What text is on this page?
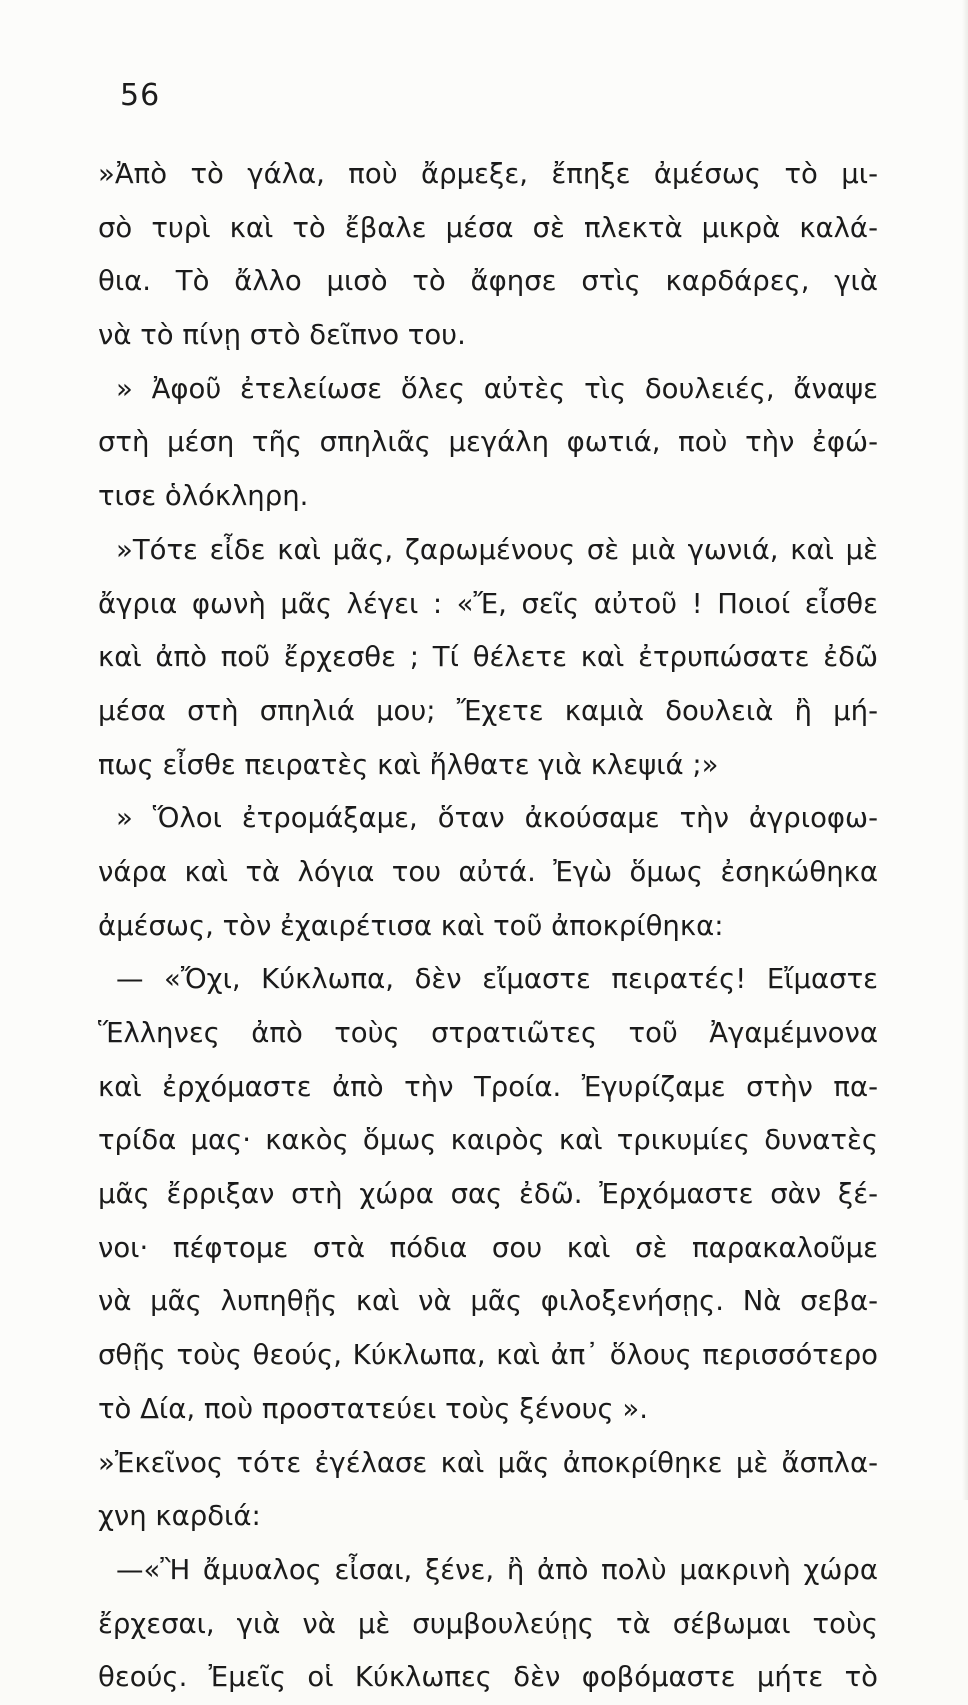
56
»Ἀπὸ τὸ γάλα, ποὺ ἄρμεξε, ἔπηξε ἀμέσως τὸ μι-
σὸ τυρὶ καὶ τὸ ἔβαλε μέσα σὲ πλεκτὰ μικρὰ καλά-
θια. Τὸ ἄλλο μισὸ τὸ ἄφησε στὶς καρδάρες, γιὰ
νὰ τὸ πίνῃ στὸ δεῖπνο του.
» Ἀφοῦ ἐτελείωσε ὅλες αὐτὲς τὶς δουλειές, ἄναψε
στὴ μέση τῆς σπηλιᾶς μεγάλη φωτιά, ποὺ τὴν ἐφώ-
τισε ὁλόκληρη.
»Τότε εἶδε καὶ μᾶς, ζαρωμένους σὲ μιὰ γωνιά, καὶ μὲ
ἄγρια φωνὴ μᾶς λέγει : «Ἔ, σεῖς αὐτοῦ ! Ποιοί εἶσθε
καὶ ἀπὸ ποῦ ἔρχεσθε ; Τί θέλετε καὶ ἐτρυπώσατε ἐδῶ
μέσα στὴ σπηλιά μου; Ἔχετε καμιὰ δουλειὰ ἢ μή-
πως εἶσθε πειρατὲς καὶ ἤλθατε γιὰ κλεψιά ;»
» Ὅλοι ἐτρομάξαμε, ὅταν ἀκούσαμε τὴν ἀγριοφω-
νάρα καὶ τὰ λόγια του αὐτά. Ἐγὼ ὅμως ἐσηκώθηκα
ἀμέσως, τὸν ἐχαιρέτισα καὶ τοῦ ἀποκρίθηκα:
— «Ὄχι, Κύκλωπα, δὲν εἴμαστε πειρατές! Εἴμαστε
Ἕλληνες ἀπὸ τοὺς στρατιῶτες τοῦ Ἀγαμέμνονα
καὶ ἐρχόμαστε ἀπὸ τὴν Τροία. Ἐγυρίζαμε στὴν πα-
τρίδα μας· κακὸς ὅμως καιρὸς καὶ τρικυμίες δυνατὲς
μᾶς ἔρριξαν στὴ χώρα σας ἐδῶ. Ἐρχόμαστε σὰν ξέ-
νοι· πέφτομε στὰ πόδια σου καὶ σὲ παρακαλοῦμε
νὰ μᾶς λυπηθῇς καὶ νὰ μᾶς φιλοξενήσῃς. Νὰ σεβα-
σθῇς τοὺς θεούς, Κύκλωπα, καὶ ἀπ᾽ ὅλους περισσότερο
τὸ Δία, ποὺ προστατεύει τοὺς ξένους ».
»Ἐκεῖνος τότε ἐγέλασε καὶ μᾶς ἀποκρίθηκε μὲ ἄσπλα-
χνη καρδιά:
—«Ἢ ἄμυαλος εἶσαι, ξένε, ἢ ἀπὸ πολὺ μακρινὴ χώρα
ἔρχεσαι, γιὰ νὰ μὲ συμβουλεύῃς τὰ σέβωμαι τοὺς
θεούς. Ἐμεῖς οἱ Κύκλωπες δὲν φοβόμαστε μήτε τὸ
